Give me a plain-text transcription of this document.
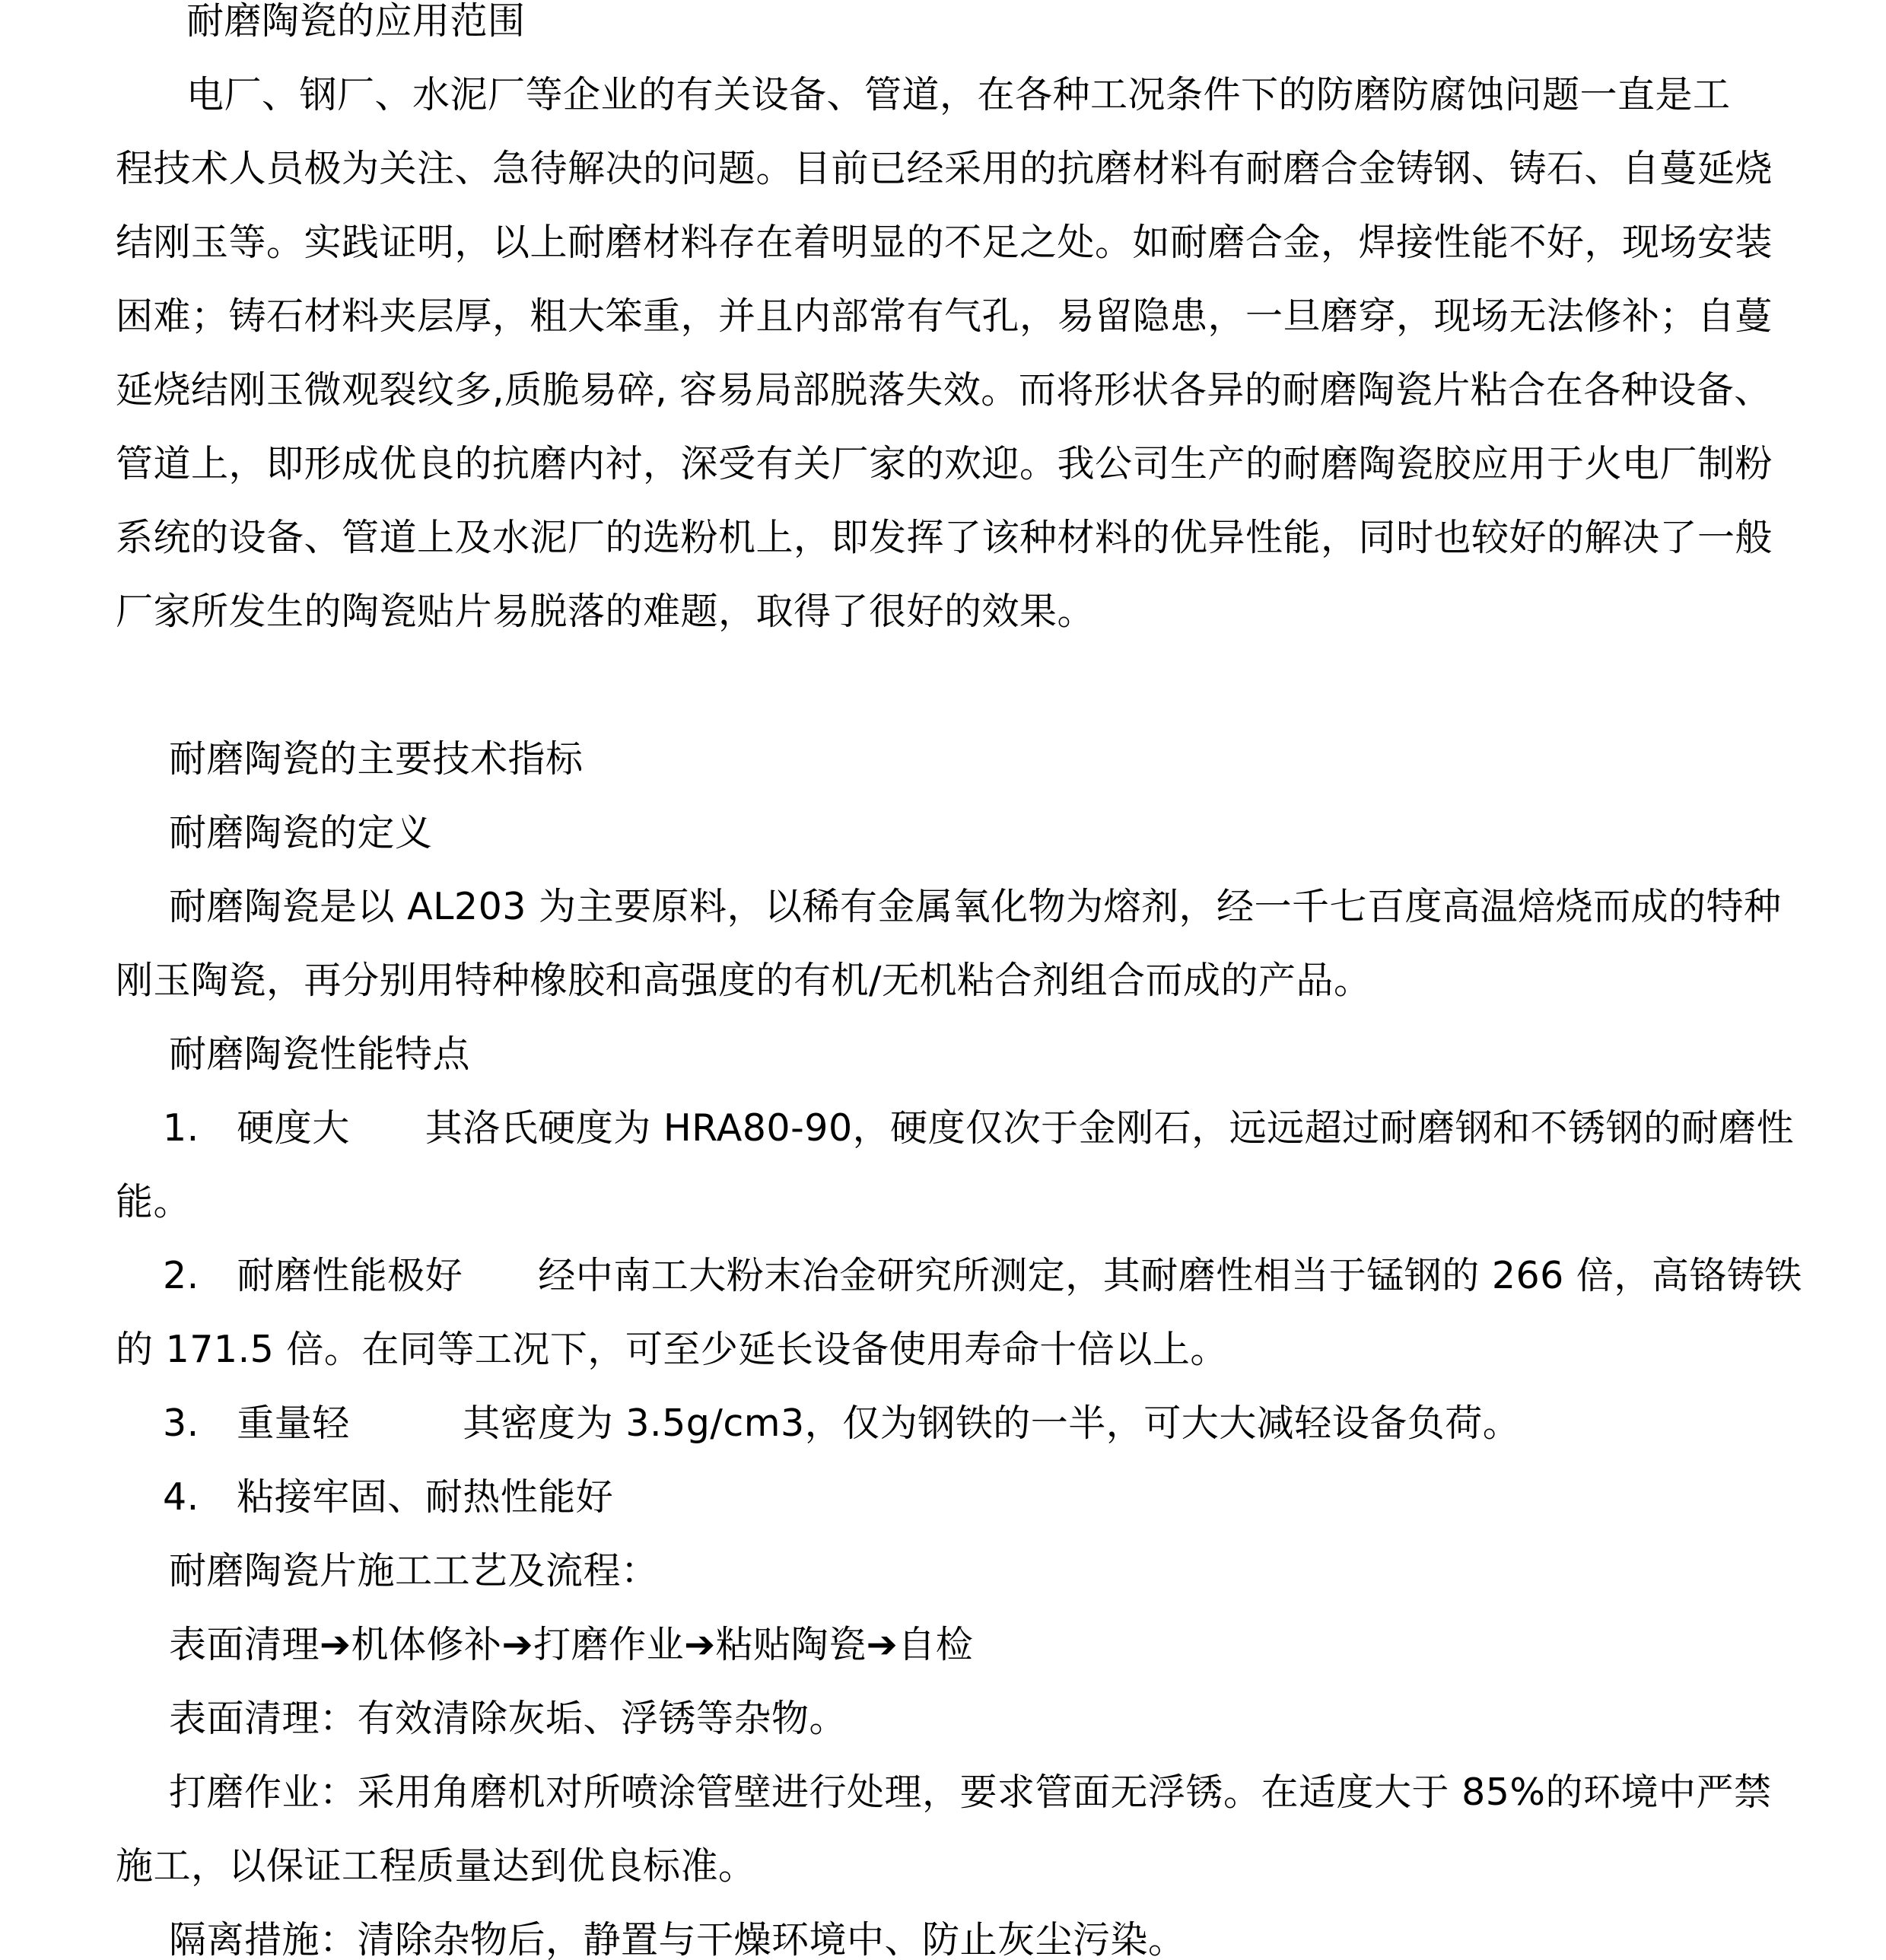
耐磨陶瓷的应用范围
电厂、钢厂、水泥厂等企业的有关设备、管道，在各种工况条件下的防磨防腐蚀问题一直是工
程技术人员极为关注、急待解决的问题。目前已经采用的抗磨材料有耐磨合金铸钢、铸石、自蔓延烧
结刚玉等。实践证明，以上耐磨材料存在着明显的不足之处。如耐磨合金，焊接性能不好，现场安装
困难；铸石材料夹层厚，粗大笨重，并且内部常有气孔，易留隐患，一旦磨穿，现场无法修补；自蔓
延烧结刚玉微观裂纹多,质脆易碎, 容易局部脱落失效。而将形状各异的耐磨陶瓷片粘合在各种设备、
管道上，即形成优良的抗磨内衬，深受有关厂家的欢迎。我公司生产的耐磨陶瓷胶应用于火电厂制粉
系统的设备、管道上及水泥厂的选粉机上，即发挥了该种材料的优异性能，同时也较好的解决了一般
厂家所发生的陶瓷贴片易脱落的难题，取得了很好的效果。
耐磨陶瓷的主要技术指标
耐磨陶瓷的定义
耐磨陶瓷是以 AL203 为主要原料，以稀有金属氧化物为熔剂，经一千七百度高温焙烧而成的特种
刚玉陶瓷，再分别用特种橡胶和高强度的有机/无机粘合剂组合而成的产品。
耐磨陶瓷性能特点
1.　硬度大　　其洛氏硬度为 HRA80-90，硬度仅次于金刚石，远远超过耐磨钢和不锈钢的耐磨性
能。
2.　耐磨性能极好　　经中南工大粉末冶金研究所测定，其耐磨性相当于锰钢的 266 倍，高铬铸铁
的 171.5 倍。在同等工况下，可至少延长设备使用寿命十倍以上。
3.　重量轻　　　其密度为 3.5g/cm3，仅为钢铁的一半，可大大减轻设备负荷。
4.　粘接牢固、耐热性能好
耐磨陶瓷片施工工艺及流程：
表面清理➔机体修补➔打磨作业➔粘贴陶瓷➔自检
表面清理：有效清除灰垢、浮锈等杂物。
打磨作业：采用角磨机对所喷涂管壁进行处理，要求管面无浮锈。在适度大于 85%的环境中严禁
施工，以保证工程质量达到优良标准。
隔离措施：清除杂物后，静置与干燥环境中、防止灰尘污染。
